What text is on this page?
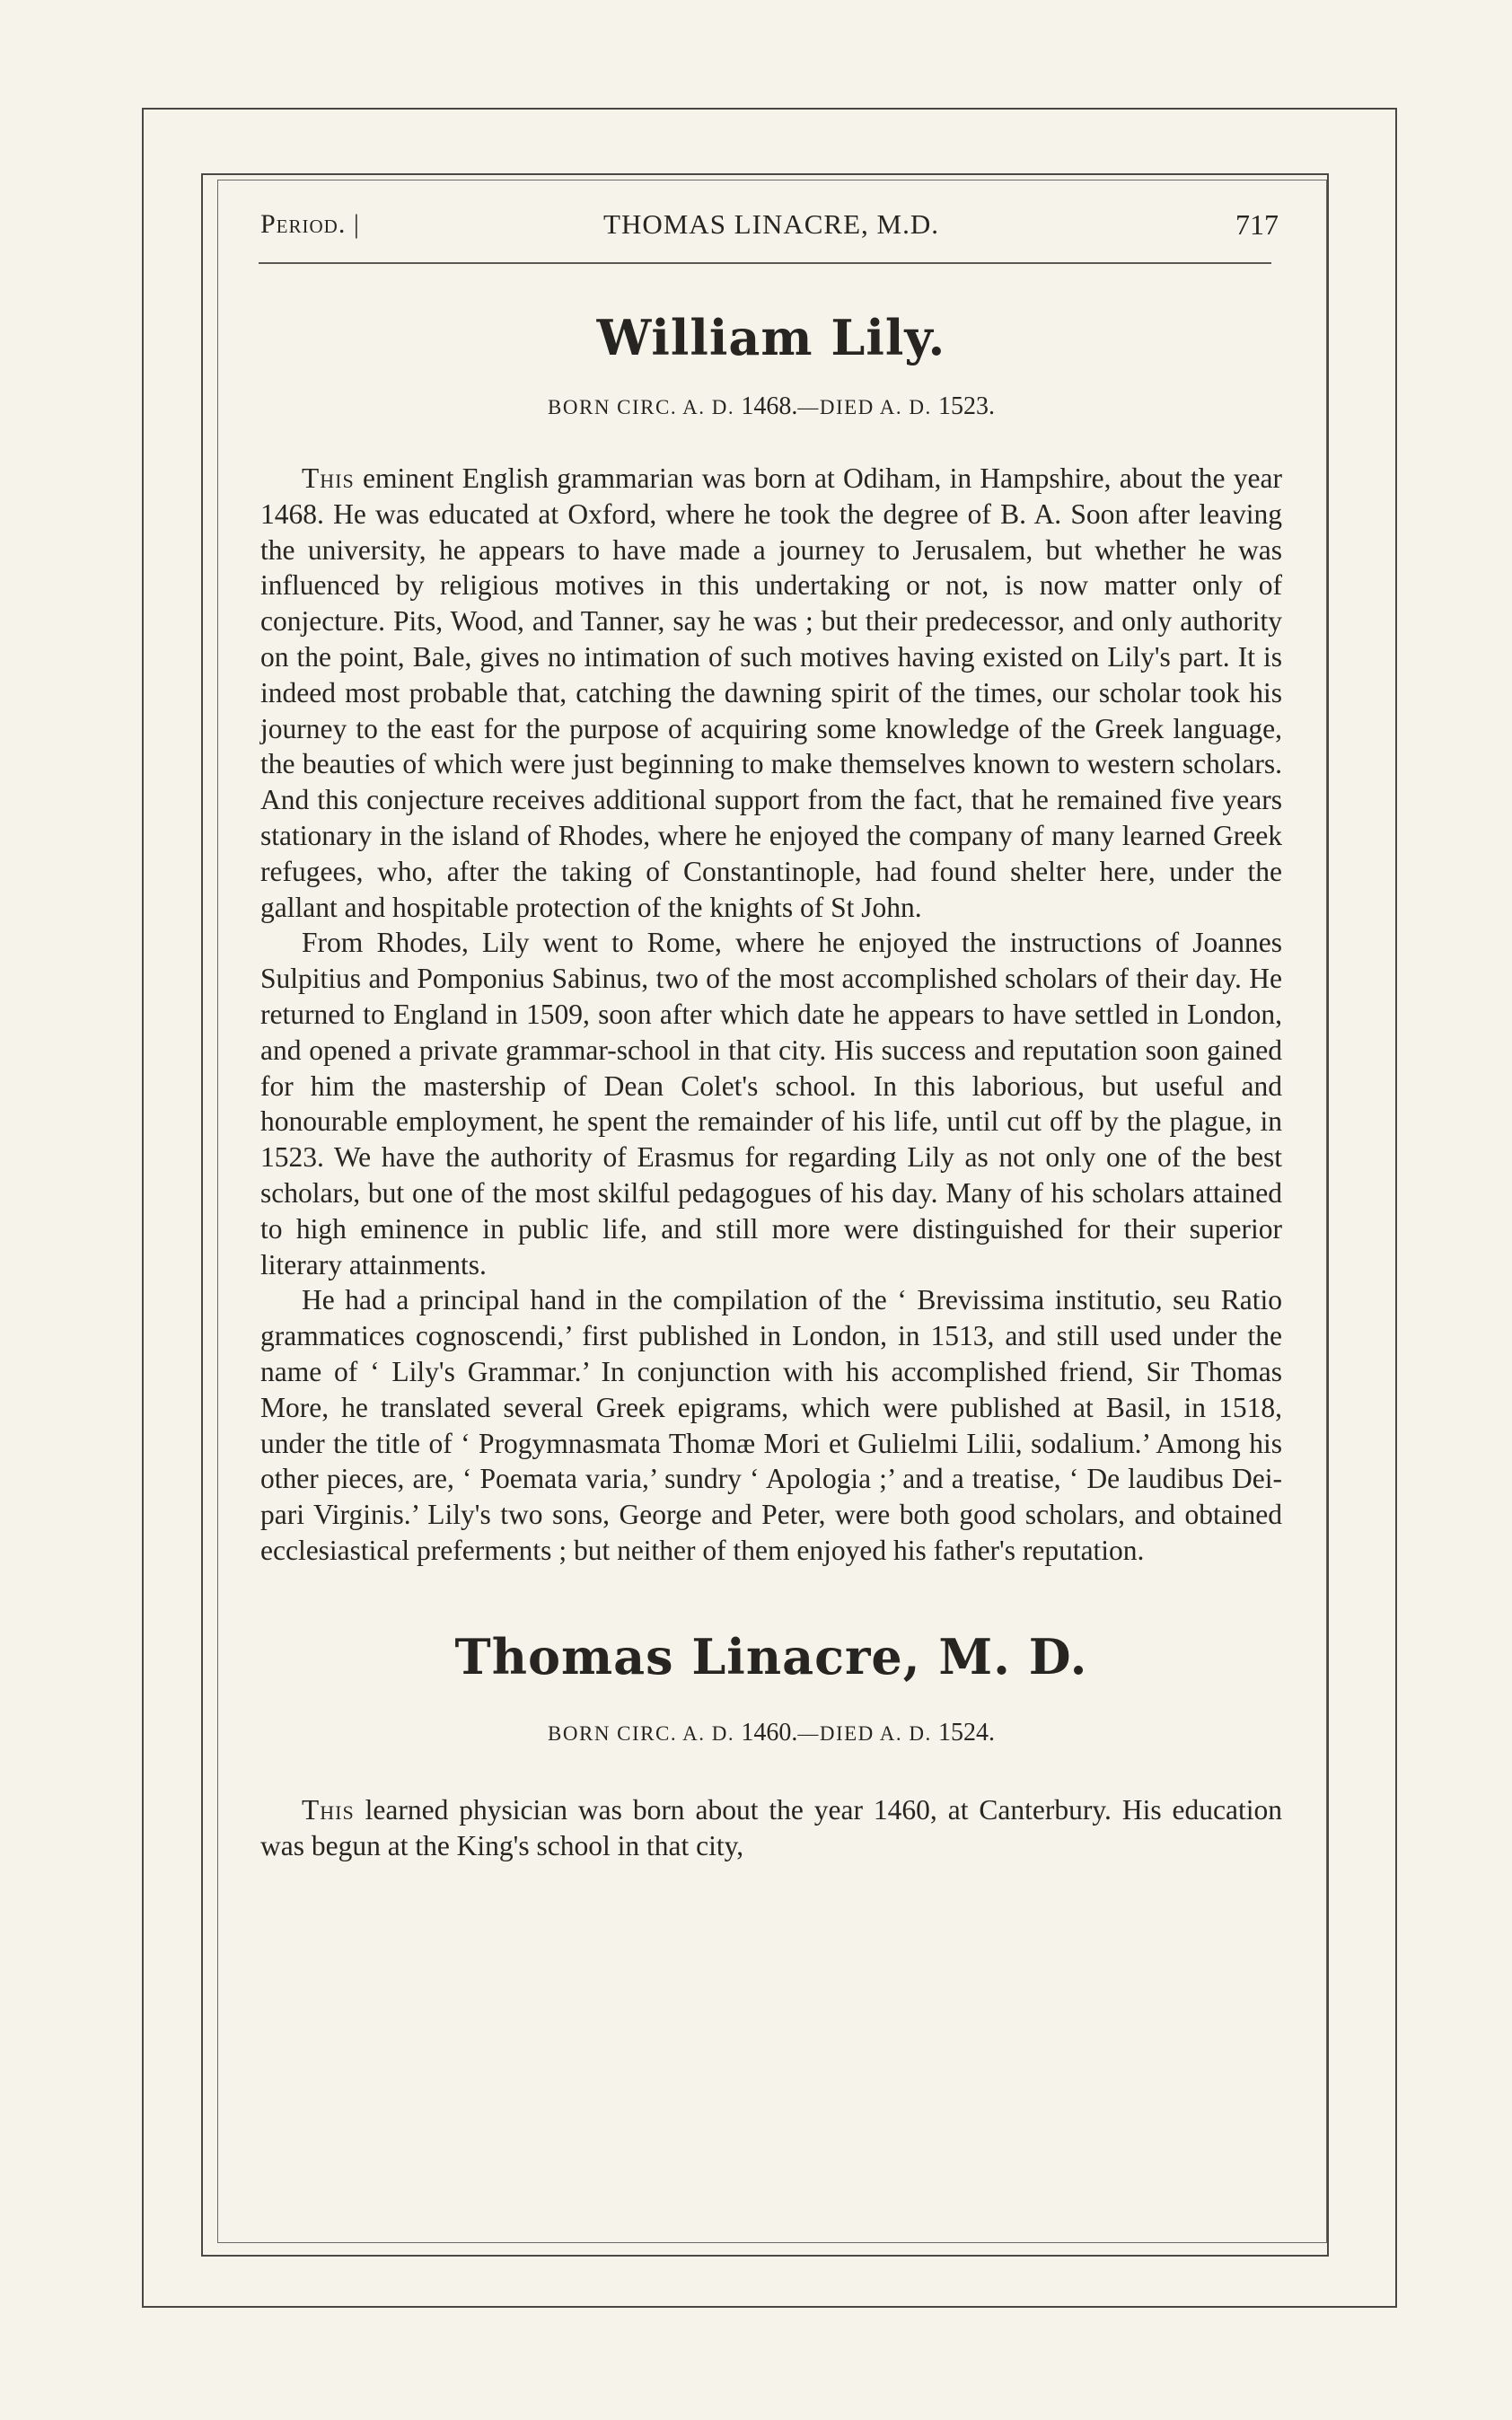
Period. |	THOMAS LINACRE, M.D.	717
William Lily.
BORN CIRC. A. D. 1468.—DIED A. D. 1523.

This eminent English grammarian was born at Odiham, in Hampshire, about the year 1468. He was educated at Oxford, where he took the degree of B. A. Soon after leaving the university, he appears to have made a journey to Jerusalem, but whether he was influenced by religious motives in this undertaking or not, is now matter only of conjecture. Pits, Wood, and Tanner, say he was ; but their predecessor, and only authority on the point, Bale, gives no intimation of such motives having existed on Lily's part. It is indeed most probable that, catching the dawning spirit of the times, our scholar took his journey to the east for the purpose of acquiring some knowledge of the Greek language, the beauties of which were just beginning to make themselves known to western scholars. And this conjecture receives additional support from the fact, that he remained five years stationary in the island of Rhodes, where he enjoyed the company of many learned Greek refugees, who, after the taking of Constantinople, had found shelter here, under the gallant and hospitable protection of the knights of St John.

From Rhodes, Lily went to Rome, where he enjoyed the instructions of Joannes Sulpitius and Pomponius Sabinus, two of the most accomplished scholars of their day. He returned to England in 1509, soon after which date he appears to have settled in London, and opened a private grammar-school in that city. His success and reputation soon gained for him the mastership of Dean Colet's school. In this laborious, but useful and honourable employment, he spent the remainder of his life, until cut off by the plague, in 1523. We have the authority of Erasmus for regarding Lily as not only one of the best scholars, but one of the most skilful pedagogues of his day. Many of his scholars attained to high eminence in public life, and still more were distinguished for their superior literary attainments.

He had a principal hand in the compilation of the ‘ Brevissima institutio, seu Ratio grammatices cognoscendi,’ first published in London, in 1513, and still used under the name of ‘ Lily's Grammar.’ In conjunction with his accomplished friend, Sir Thomas More, he translated several Greek epigrams, which were published at Basil, in 1518, under the title of ‘ Progymnasmata Thomæ Mori et Gulielmi Lilii, sodalium.’ Among his other pieces, are, ‘ Poemata varia,’ sundry ‘ Apologia ;’ and a treatise, ‘ De laudibus Dei-pari Virginis.’ Lily's two sons, George and Peter, were both good scholars, and obtained ecclesiastical preferments ; but neither of them enjoyed his father's reputation.

Thomas Linacre, M. D.
BORN CIRC. A. D. 1460.—DIED A. D. 1524.

This learned physician was born about the year 1460, at Canterbury. His education was begun at the King's school in that city,
